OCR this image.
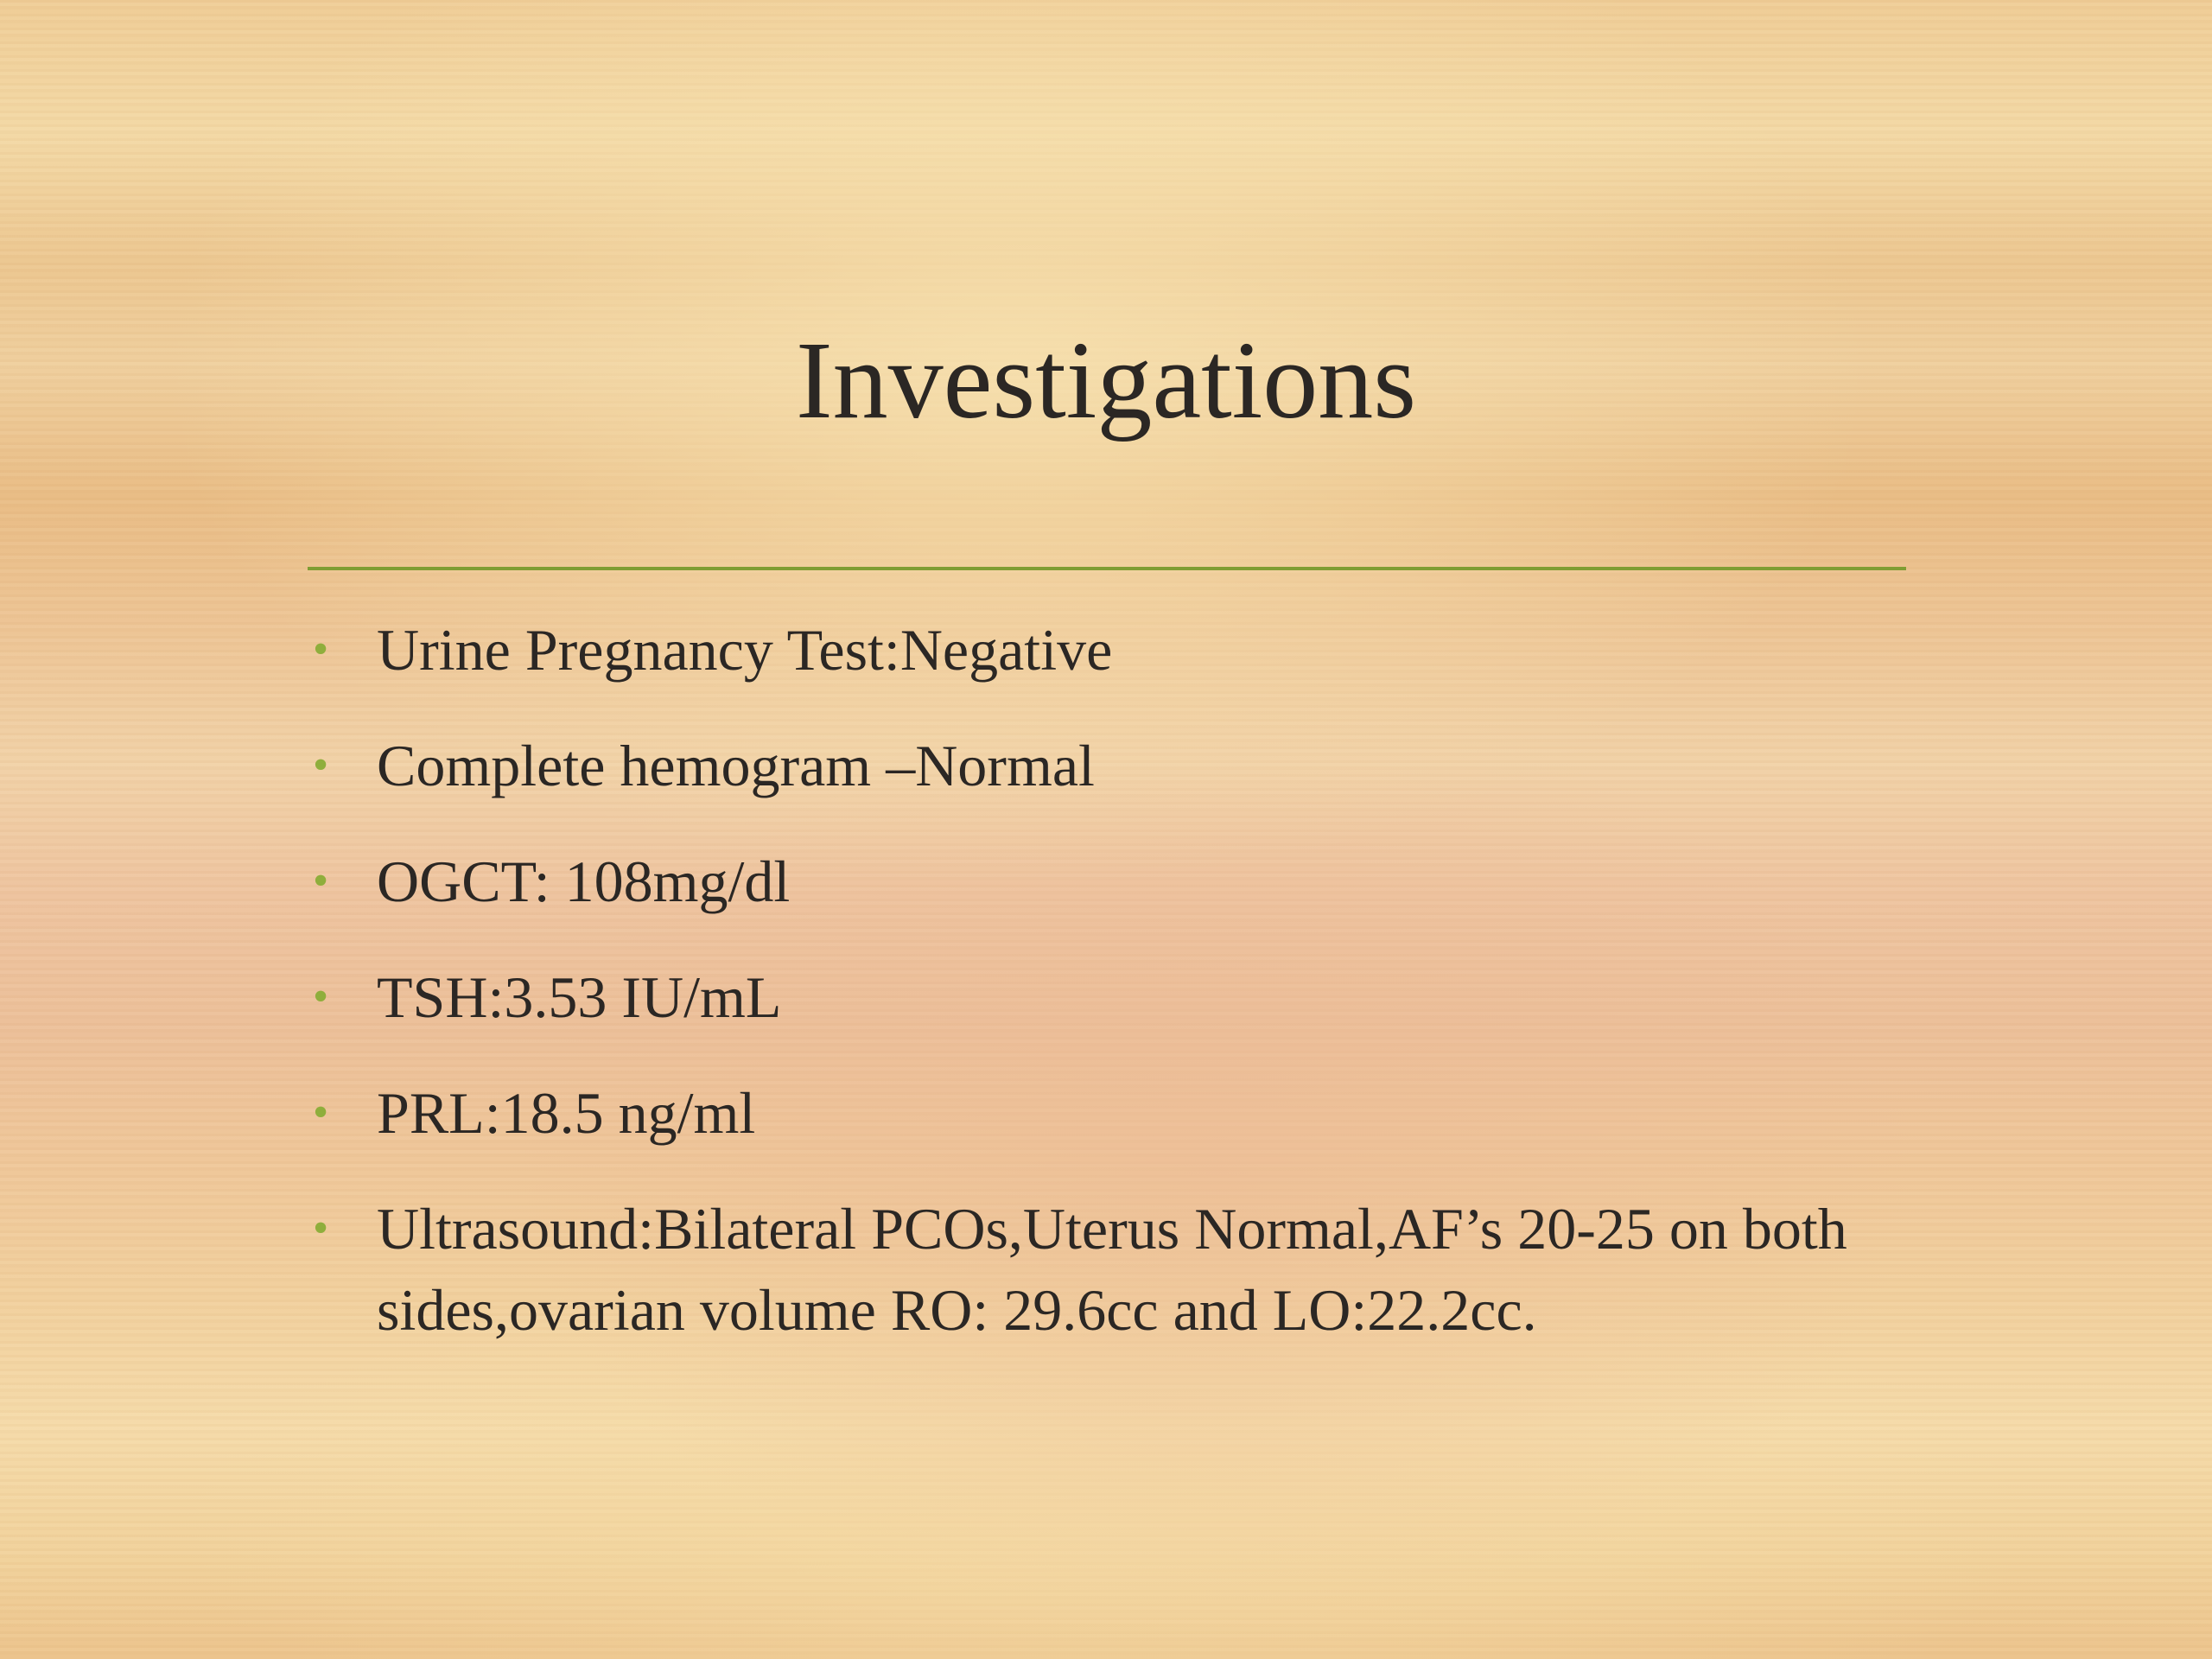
Investigations
• Urine Pregnancy Test:Negative
• Complete hemogram –Normal
• OGCT: 108mg/dl
• TSH:3.53 IU/mL
• PRL:18.5 ng/ml
• Ultrasound:Bilateral PCOs,Uterus Normal,AF’s 20-25 on both sides,ovarian volume RO: 29.6cc and LO:22.2cc.
